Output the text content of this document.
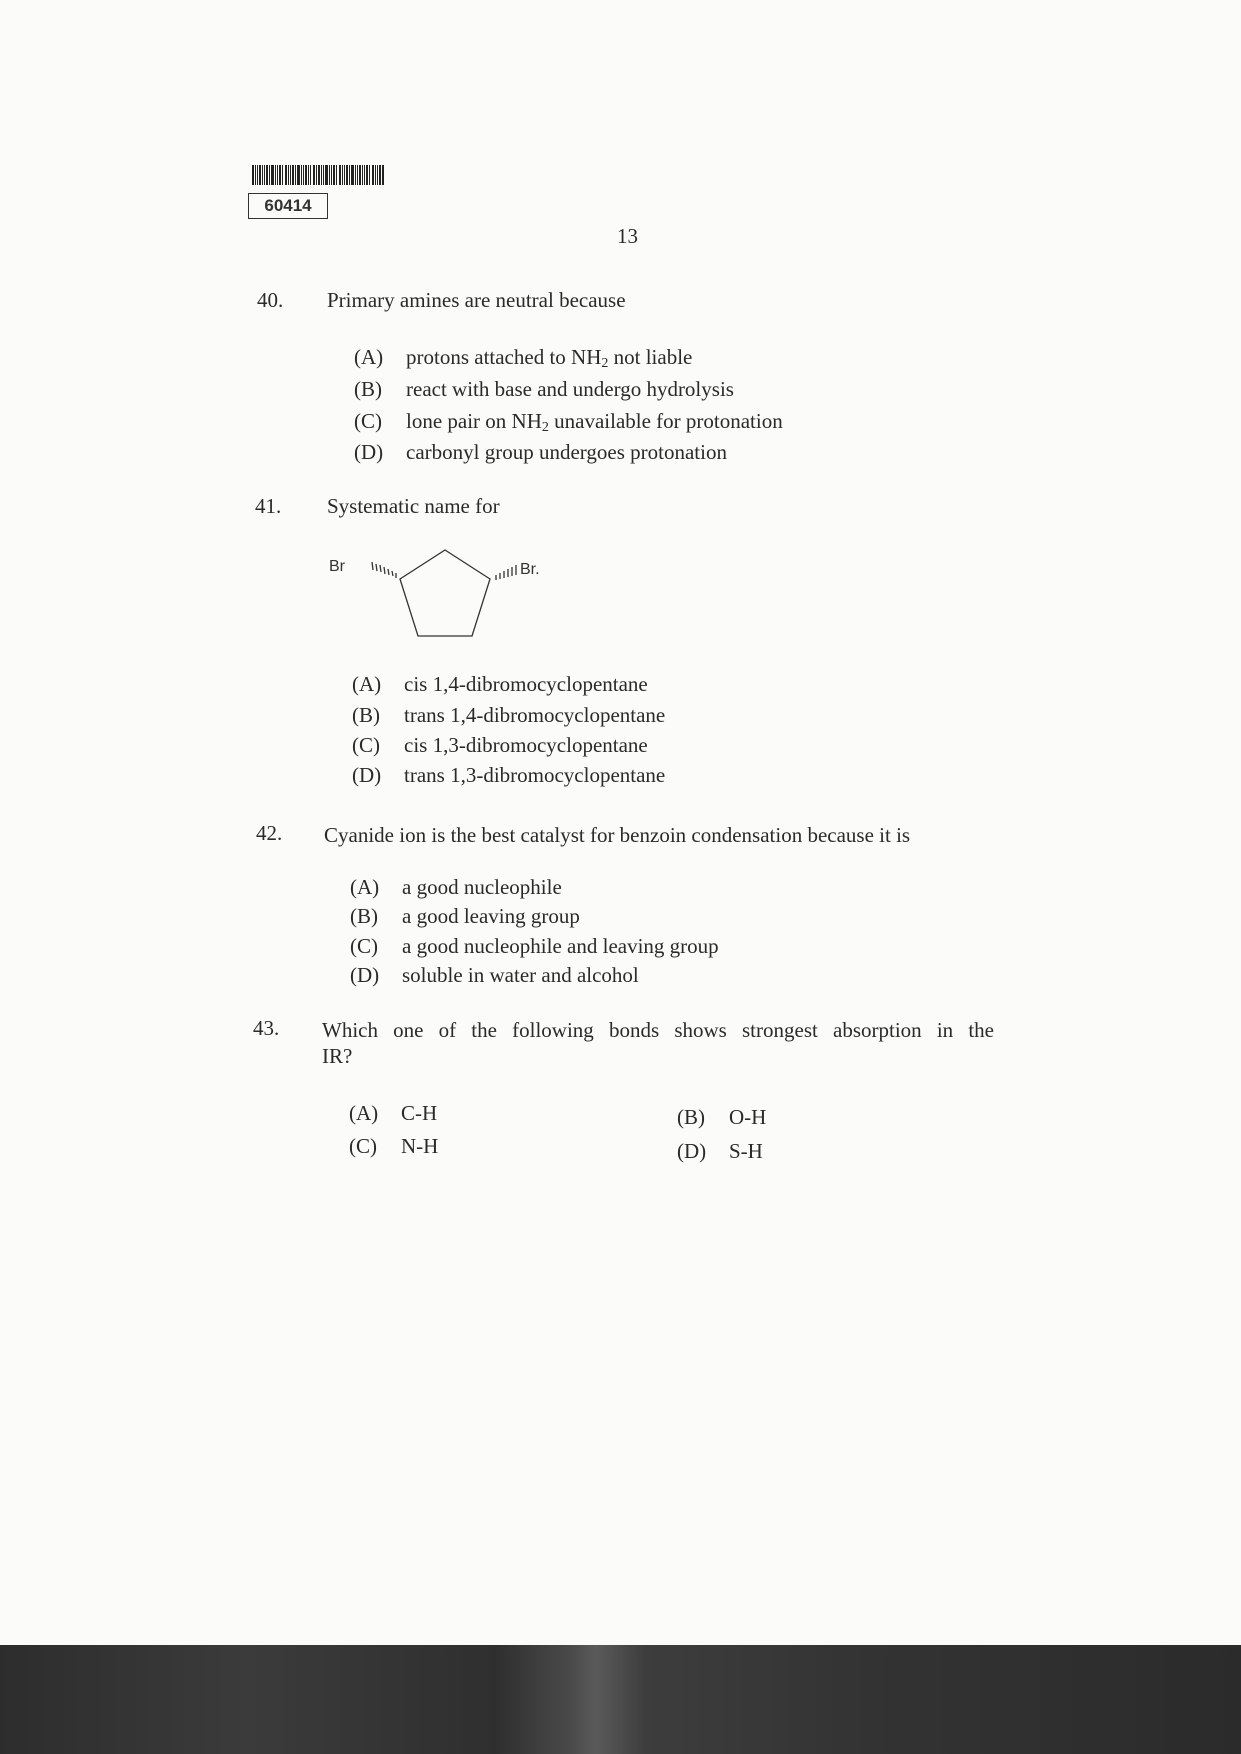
60414
13
40. Primary amines are neutral because
(A) protons attached to $NH_2$ not liable
(B) react with base and undergo hydrolysis
(C) lone pair on $NH_2$ unavailable for protonation
(D) carbonyl group undergoes protonation
41. Systematic name for
Br	Br.
(A) cis 1,4-dibromocyclopentane
(B) trans 1,4-dibromocyclopentane
(C) cis 1,3-dibromocyclopentane
(D) trans 1,3-dibromocyclopentane
42. Cyanide ion is the best catalyst for benzoin condensation because it is
(A) a good nucleophile
(B) a good leaving group
(C) a good nucleophile and leaving group
(D) soluble in water and alcohol
43. Which one of the following bonds shows strongest absorption in the
IR?
(A) C-H	(B) O-H
(C) N-H	(D) S-H
